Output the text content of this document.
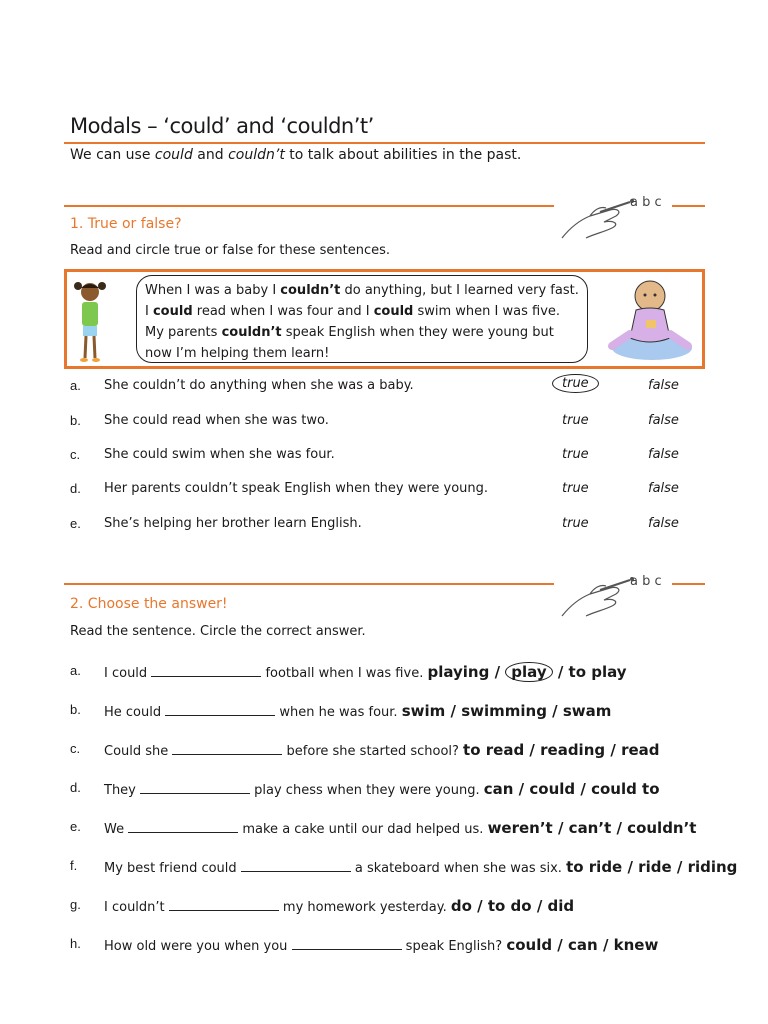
Modals – ‘could’ and ‘couldn’t’
We can use could and couldn’t to talk about abilities in the past.
a b c
1. True or false?
Read and circle true or false for these sentences.
When I was a baby I couldn’t do anything, but I learned very fast. I could read when I was four and I could swim when I was five. My parents couldn’t speak English when they were young but now I’m helping them learn!
a. She couldn’t do anything when she was a baby.	true	false
b. She could read when she was two.	true	false
c. She could swim when she was four.	true	false
d. Her parents couldn’t speak English when they were young.	true	false
e. She’s helping her brother learn English.	true	false
a b c
2. Choose the answer!
Read the sentence. Circle the correct answer.
a. I could	football when I was five. playing / play / to play
b. He could	when he was four. swim / swimming / swam
c. Could she	before she started school? to read / reading / read
d. They	play chess when they were young. can / could / could to
e. We	make a cake until our dad helped us. weren’t / can’t / couldn’t
f. My best friend could	a skateboard when she was six. to ride / ride / riding
g. I couldn’t	my homework yesterday. do / to do / did
h. How old were you when you	speak English? could / can / knew
